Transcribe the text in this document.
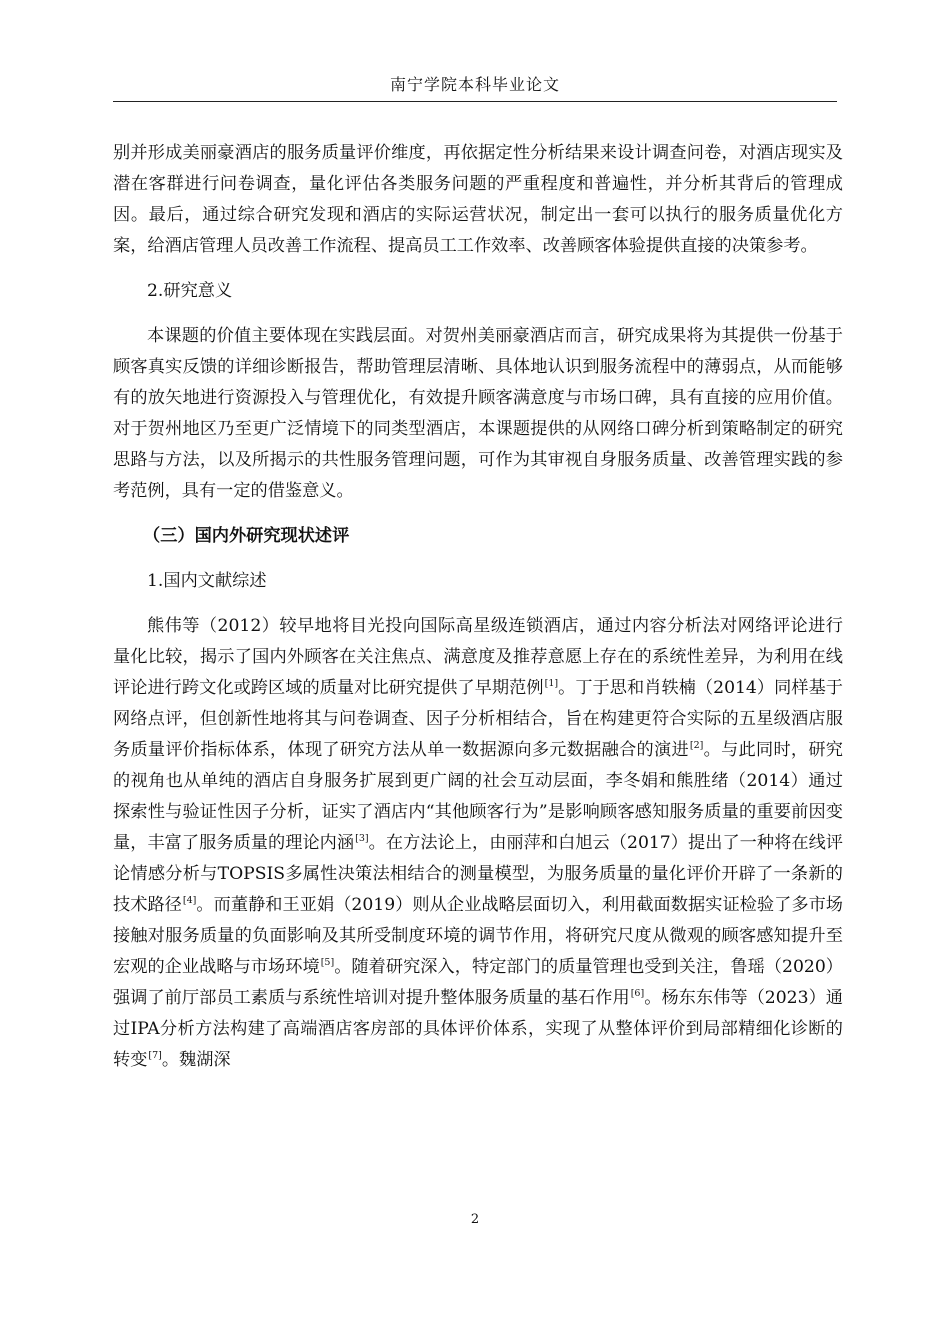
南宁学院本科毕业论文

别并形成美丽豪酒店的服务质量评价维度，再依据定性分析结果来设计调查问卷，对酒店现实及潜在客群进行问卷调查，量化评估各类服务问题的严重程度和普遍性，并分析其背后的管理成因。最后，通过综合研究发现和酒店的实际运营状况，制定出一套可以执行的服务质量优化方案，给酒店管理人员改善工作流程、提高员工工作效率、改善顾客体验提供直接的决策参考。

2.研究意义

本课题的价值主要体现在实践层面。对贺州美丽豪酒店而言，研究成果将为其提供一份基于顾客真实反馈的详细诊断报告，帮助管理层清晰、具体地认识到服务流程中的薄弱点，从而能够有的放矢地进行资源投入与管理优化，有效提升顾客满意度与市场口碑，具有直接的应用价值。对于贺州地区乃至更广泛情境下的同类型酒店，本课题提供的从网络口碑分析到策略制定的研究思路与方法，以及所揭示的共性服务管理问题，可作为其审视自身服务质量、改善管理实践的参考范例，具有一定的借鉴意义。

（三）国内外研究现状述评

1.国内文献综述

熊伟等（2012）较早地将目光投向国际高星级连锁酒店，通过内容分析法对网络评论进行量化比较，揭示了国内外顾客在关注焦点、满意度及推荐意愿上存在的系统性差异，为利用在线评论进行跨文化或跨区域的质量对比研究提供了早期范例[1]。丁于思和肖轶楠（2014）同样基于网络点评，但创新性地将其与问卷调查、因子分析相结合，旨在构建更符合实际的五星级酒店服务质量评价指标体系，体现了研究方法从单一数据源向多元数据融合的演进[2]。与此同时，研究的视角也从单纯的酒店自身服务扩展到更广阔的社会互动层面，李冬娟和熊胜绪（2014）通过探索性与验证性因子分析，证实了酒店内“其他顾客行为”是影响顾客感知服务质量的重要前因变量，丰富了服务质量的理论内涵[3]。在方法论上，由丽萍和白旭云（2017）提出了一种将在线评论情感分析与TOPSIS多属性决策法相结合的测量模型，为服务质量的量化评价开辟了一条新的技术路径[4]。而董静和王亚娟（2019）则从企业战略层面切入，利用截面数据实证检验了多市场接触对服务质量的负面影响及其所受制度环境的调节作用，将研究尺度从微观的顾客感知提升至宏观的企业战略与市场环境[5]。随着研究深入，特定部门的质量管理也受到关注，鲁瑶（2020）强调了前厅部员工素质与系统性培训对提升整体服务质量的基石作用[6]。杨东东伟等（2023）通过IPA分析方法构建了高端酒店客房部的具体评价体系，实现了从整体评价到局部精细化诊断的转变[7]。魏湖深

2
